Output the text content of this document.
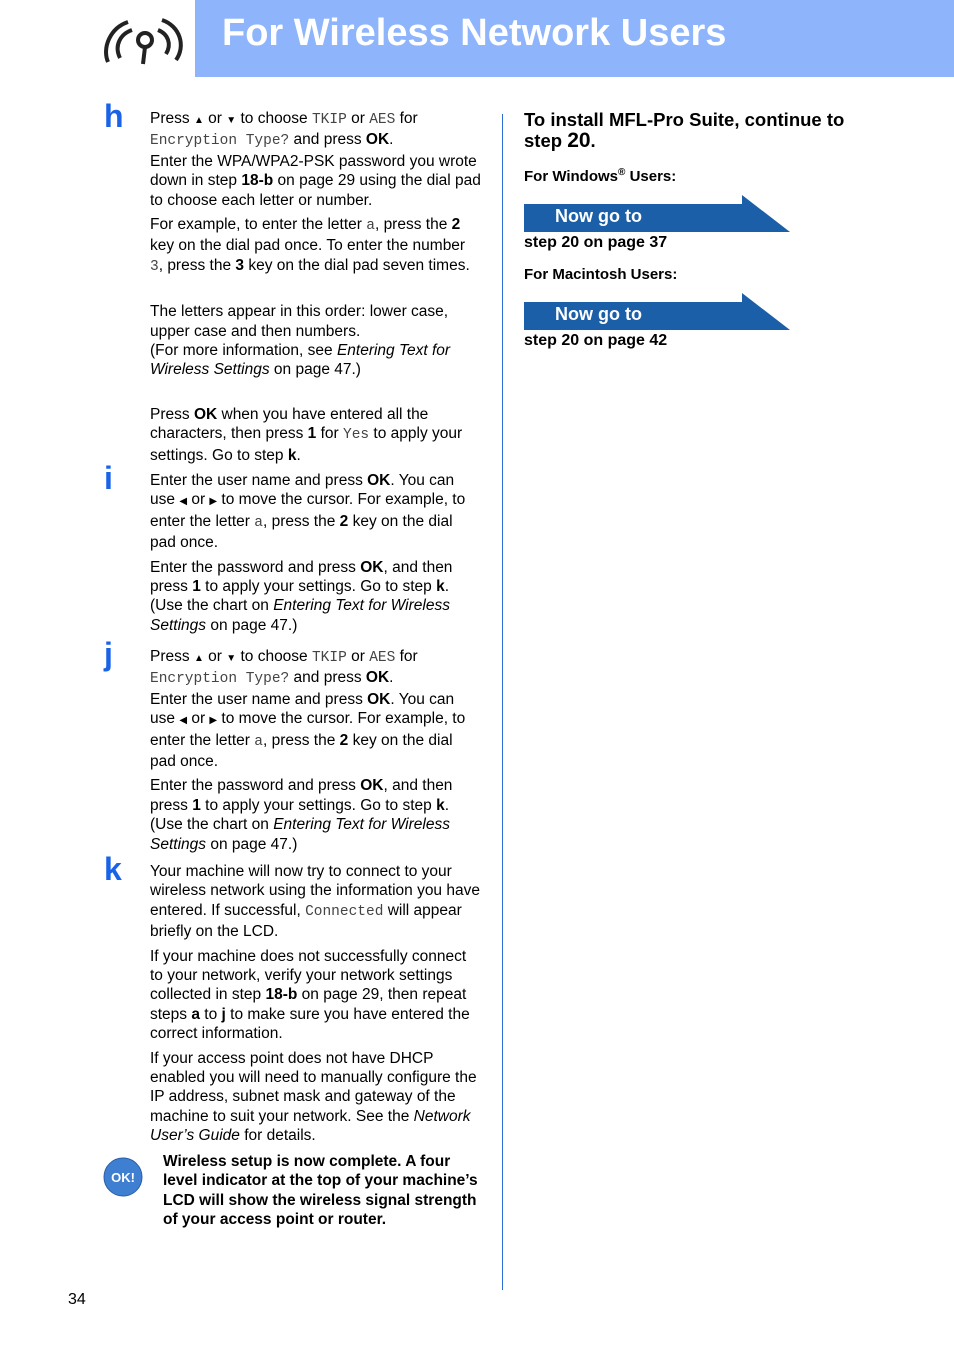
For Wireless Network Users
h Press ▲ or ▼ to choose TKIP or AES for Encryption Type? and press OK.
Enter the WPA/WPA2-PSK password you wrote down in step 18-b on page 29 using the dial pad to choose each letter or number.

For example, to enter the letter a, press the 2 key on the dial pad once. To enter the number 3, press the 3 key on the dial pad seven times.

The letters appear in this order: lower case, upper case and then numbers.
(For more information, see Entering Text for Wireless Settings on page 47.)

Press OK when you have entered all the characters, then press 1 for Yes to apply your settings. Go to step k.

i Enter the user name and press OK. You can use ◀ or ▶ to move the cursor. For example, to enter the letter a, press the 2 key on the dial pad once.

Enter the password and press OK, and then press 1 to apply your settings. Go to step k.
(Use the chart on Entering Text for Wireless Settings on page 47.)

j Press ▲ or ▼ to choose TKIP or AES for Encryption Type? and press OK.
Enter the user name and press OK. You can use ◀ or ▶ to move the cursor. For example, to enter the letter a, press the 2 key on the dial pad once.

Enter the password and press OK, and then press 1 to apply your settings. Go to step k.
(Use the chart on Entering Text for Wireless Settings on page 47.)

k Your machine will now try to connect to your wireless network using the information you have entered. If successful, Connected will appear briefly on the LCD.

If your machine does not successfully connect to your network, verify your network settings collected in step 18-b on page 29, then repeat steps a to j to make sure you have entered the correct information.

If your access point does not have DHCP enabled you will need to manually configure the IP address, subnet mask and gateway of the machine to suit your network. See the Network User’s Guide for details.

OK!
Wireless setup is now complete. A four level indicator at the top of your machine’s LCD will show the wireless signal strength of your access point or router.
To install MFL-Pro Suite, continue to step 20.
For Windows® Users:
Now go to
step 20 on page 37
For Macintosh Users:
Now go to
step 20 on page 42
34
